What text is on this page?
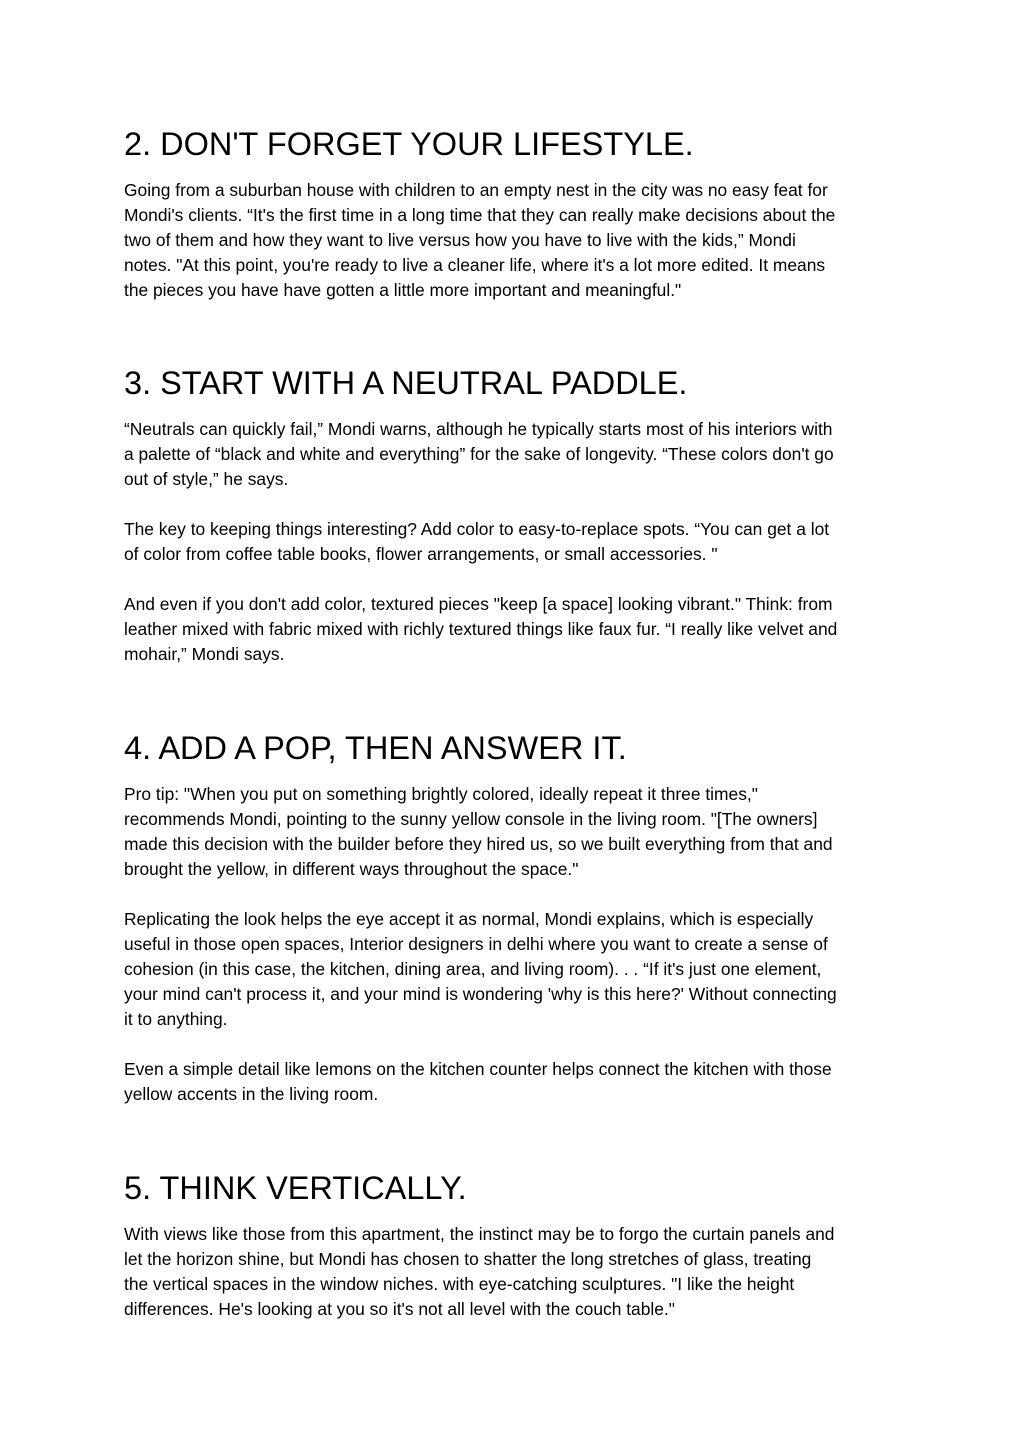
2. DON'T FORGET YOUR LIFESTYLE.

Going from a suburban house with children to an empty nest in the city was no easy feat for
Mondi's clients. “It's the first time in a long time that they can really make decisions about the
two of them and how they want to live versus how you have to live with the kids,” Mondi
notes. "At this point, you're ready to live a cleaner life, where it's a lot more edited. It means
the pieces you have have gotten a little more important and meaningful."

3. START WITH A NEUTRAL PADDLE.

“Neutrals can quickly fail,” Mondi warns, although he typically starts most of his interiors with
a palette of “black and white and everything” for the sake of longevity. “These colors don't go
out of style,” he says.

The key to keeping things interesting? Add color to easy-to-replace spots. “You can get a lot
of color from coffee table books, flower arrangements, or small accessories. "

And even if you don't add color, textured pieces "keep [a space] looking vibrant." Think: from
leather mixed with fabric mixed with richly textured things like faux fur. “I really like velvet and
mohair,” Mondi says.

4. ADD A POP, THEN ANSWER IT.

Pro tip: "When you put on something brightly colored, ideally repeat it three times,"
recommends Mondi, pointing to the sunny yellow console in the living room. "[The owners]
made this decision with the builder before they hired us, so we built everything from that and
brought the yellow, in different ways throughout the space."

Replicating the look helps the eye accept it as normal, Mondi explains, which is especially
useful in those open spaces, Interior designers in delhi where you want to create a sense of
cohesion (in this case, the kitchen, dining area, and living room). . . “If it's just one element,
your mind can't process it, and your mind is wondering 'why is this here?' Without connecting
it to anything.

Even a simple detail like lemons on the kitchen counter helps connect the kitchen with those
yellow accents in the living room.

5. THINK VERTICALLY.

With views like those from this apartment, the instinct may be to forgo the curtain panels and
let the horizon shine, but Mondi has chosen to shatter the long stretches of glass, treating
the vertical spaces in the window niches. with eye-catching sculptures. "I like the height
differences. He's looking at you so it's not all level with the couch table."
